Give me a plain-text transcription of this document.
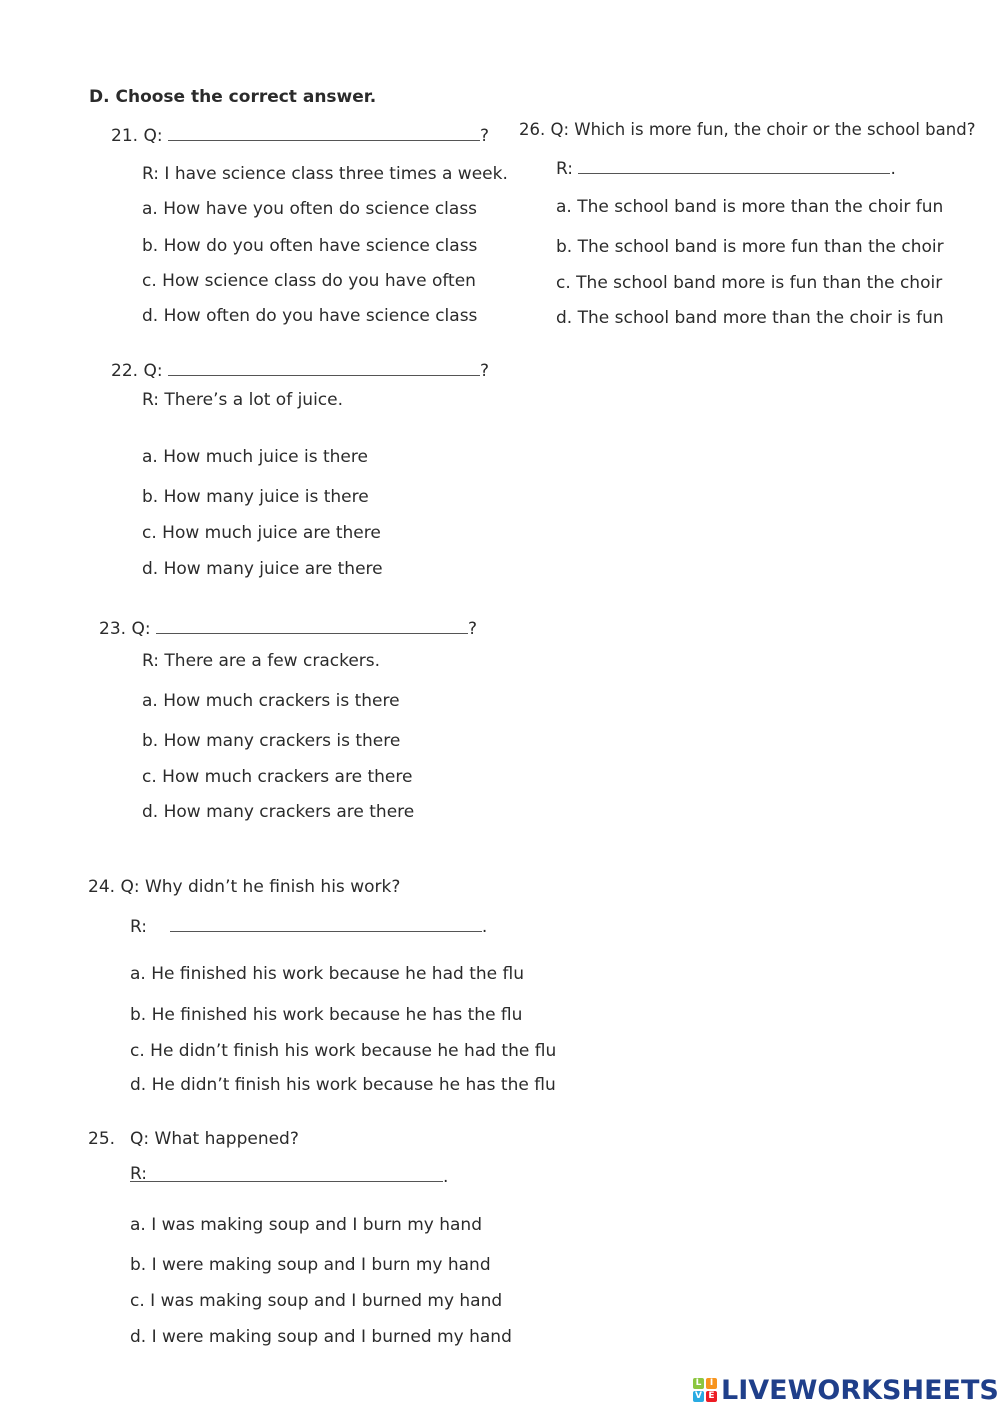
D. Choose the correct answer.
21. Q:	?
R: I have science class three times a week.
a. How have you often do science class
b. How do you often have science class
c. How science class do you have often
d. How often do you have science class
22. Q:	?
R: There’s a lot of juice.
a. How much juice is there
b. How many juice is there
c. How much juice are there
d. How many juice are there
23. Q:	?
R: There are a few crackers.
a. How much crackers is there
b. How many crackers is there
c. How much crackers are there
d. How many crackers are there
24. Q: Why didn’t he finish his work?
R:	.
a. He finished his work because he had the flu
b. He finished his work because he has the flu
c. He didn’t finish his work because he had the flu
d. He didn’t finish his work because he has the flu
25. Q: What happened?
R:	.
a. I was making soup and I burn my hand
b. I were making soup and I burn my hand
c. I was making soup and I burned my hand
d. I were making soup and I burned my hand
26. Q: Which is more fun, the choir or the school band?
R:	.
a. The school band is more than the choir fun
b. The school band is more fun than the choir
c. The school band more is fun than the choir
d. The school band more than the choir is fun
L I
V E LIVEWORKSHEETS
